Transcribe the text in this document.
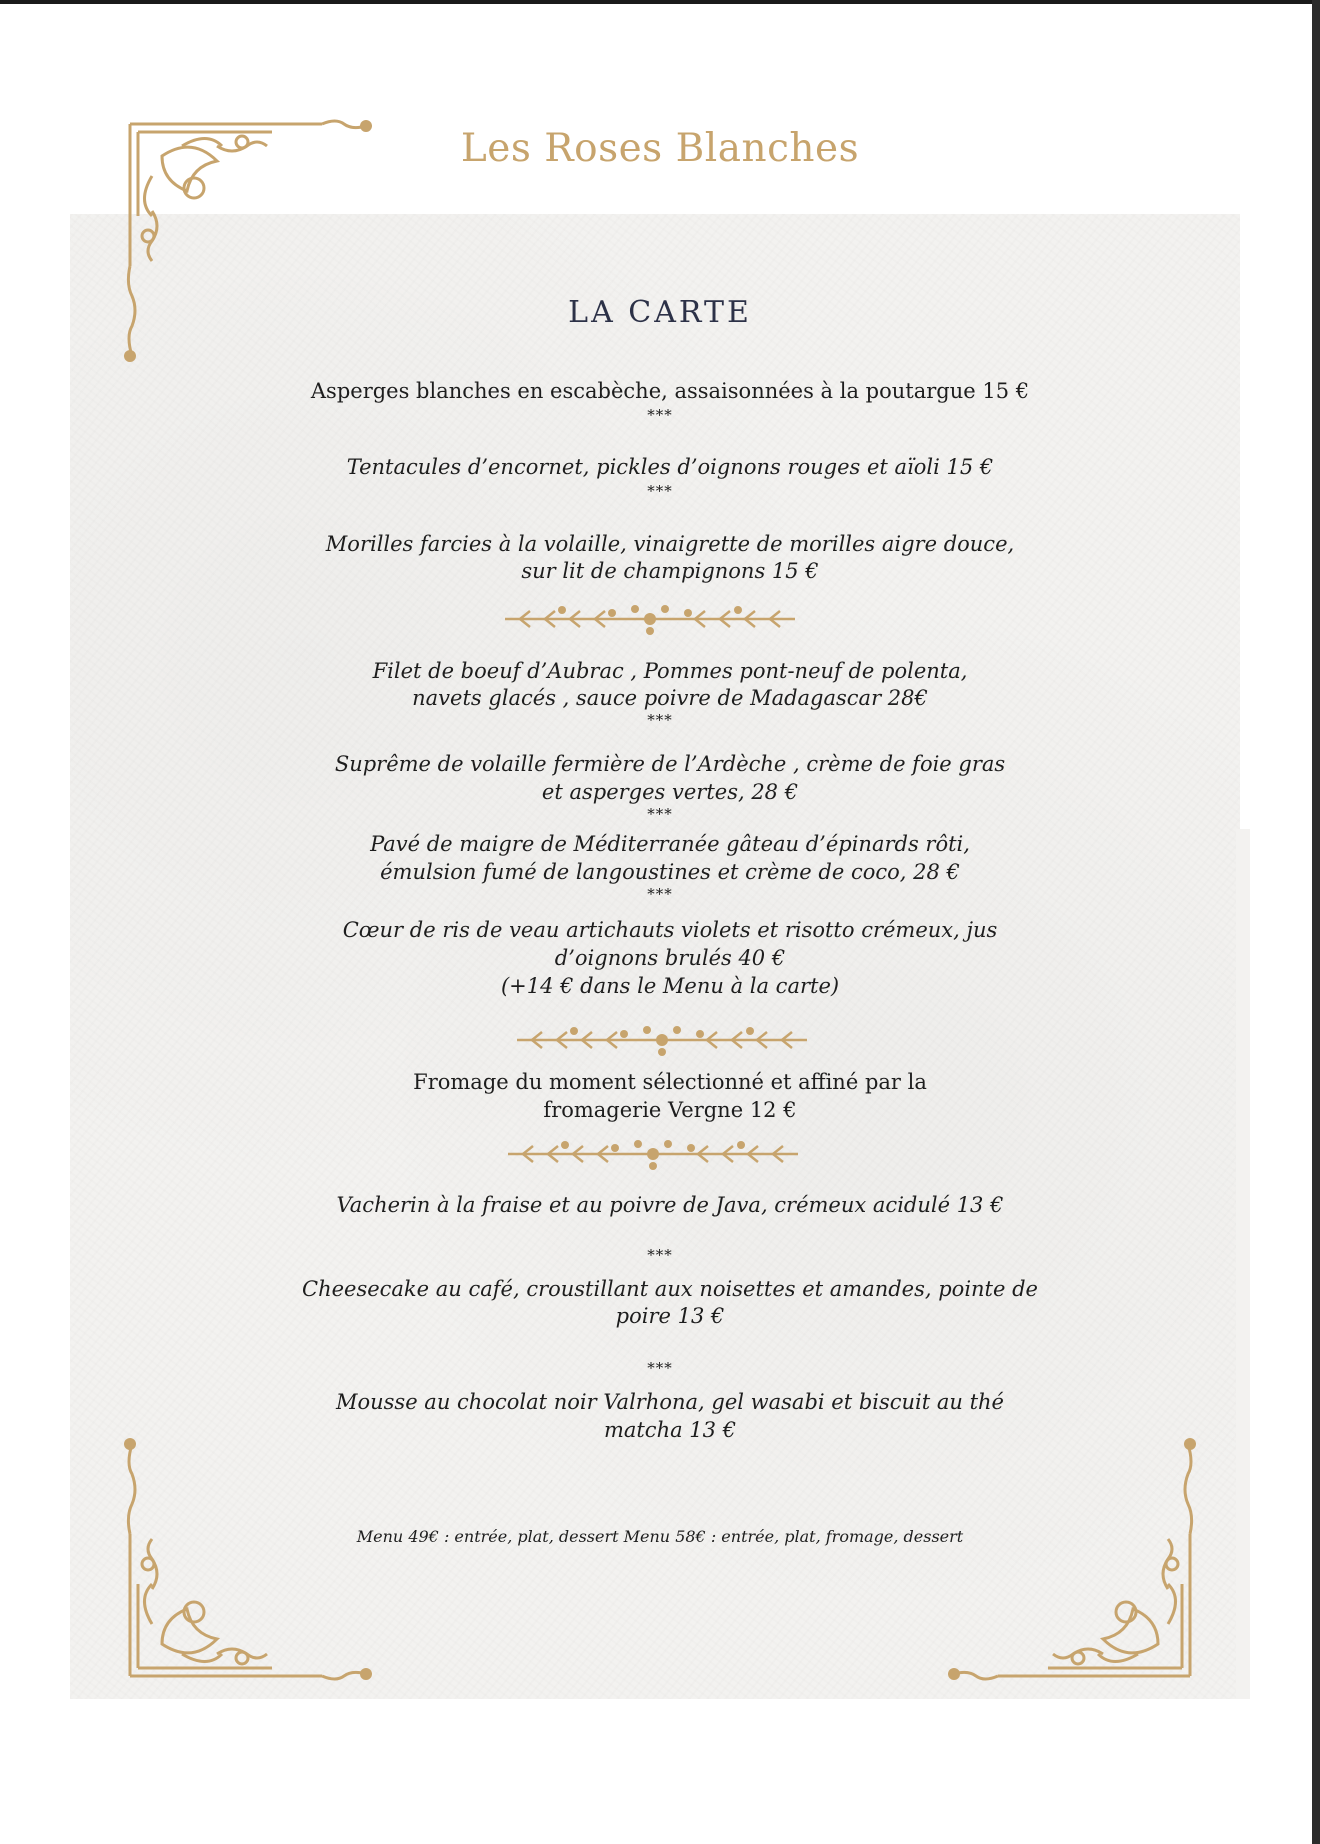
Les Roses Blanches
LA CARTE
Asperges blanches en escabèche, assaisonnées à la poutargue 15 €
***
Tentacules d’encornet, pickles d’oignons rouges et aïoli 15 €
***
Morilles farcies à la volaille, vinaigrette de morilles aigre douce,
sur lit de champignons 15 €
Filet de boeuf d’Aubrac , Pommes pont-neuf de polenta,
navets glacés , sauce poivre de Madagascar 28€
***
Suprême de volaille fermière de l’Ardèche , crème de foie gras
et asperges vertes, 28 €
***
Pavé de maigre de Méditerranée gâteau d’épinards rôti,
émulsion fumé de langoustines et crème de coco, 28 €
***
Cœur de ris de veau artichauts violets et risotto crémeux, jus
d’oignons brulés 40 €
(+14 € dans le Menu à la carte)
Fromage du moment sélectionné et affiné par la
fromagerie Vergne 12 €
Vacherin à la fraise et au poivre de Java, crémeux acidulé 13 €
***
Cheesecake au café, croustillant aux noisettes et amandes, pointe de
poire 13 €
***
Mousse au chocolat noir Valrhona, gel wasabi et biscuit au thé
matcha 13 €
Menu 49€ : entrée, plat, dessert Menu 58€ : entrée, plat, fromage, dessert
